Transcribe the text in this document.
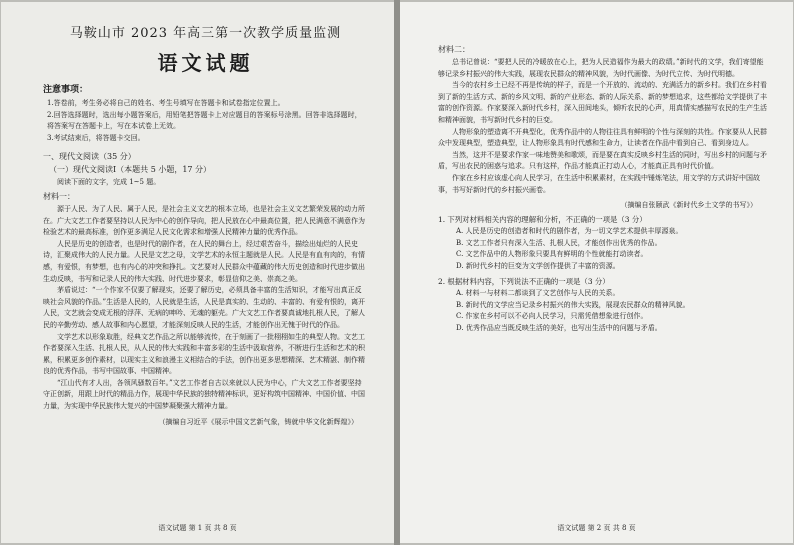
马鞍山市 2023 年高三第一次教学质量监测
语文试题
注意事项：

1.答卷前，考生务必将自己的姓名、考生号填写在答题卡和试卷指定位置上。

2.回答选择题时，选出每小题答案后，用铅笔把答题卡上对应题目的答案标号涂黑。回答非选择题时，将答案写在答题卡上，写在本试卷上无效。

3.考试结束后，将答题卡交回。

一、现代文阅读（35 分）
（一）现代文阅读Ⅰ（本题共 5 小题，17 分）

阅读下面的文字，完成 1~5 题。

材料一：

源于人民、为了人民、属于人民，是社会主义文艺的根本立场，也是社会主义文艺繁荣发展的动力所在。广大文艺工作者要坚持以人民为中心的创作导向，把人民放在心中最高位置，把人民满意不满意作为检验艺术的最高标准，创作更多满足人民文化需求和增强人民精神力量的优秀作品。

人民是历史的创造者，也是时代的剧作者，在人民的舞台上，经过艰苦奋斗，描绘出灿烂的人民史诗，汇聚成伟大的人民力量。人民是文艺之母，文学艺术的永恒主题就是人民。人民是有血有肉的，有情感，有爱恨，有梦想，也有内心的冲突和挣扎。文艺要对人民群众中蕴藏的伟大历史创造和时代进步做出生动反映，书写和记录人民的伟大实践、时代进步要求，彰显信仰之美、崇高之美。

茅盾说过：“一个作家不仅要了解现实，还要了解历史，必须具备丰富的生活知识，才能写出真正反映社会风貌的作品。”生活是人民的，人民就是生活，人民是真实的、生动的、丰富的、有爱有恨的，离开人民，文艺就会变成无根的浮萍、无病的呻吟、无魂的躯壳。广大文艺工作者要真诚地扎根人民，了解人民的辛勤劳动、感人故事和内心愿望，才能深刻反映人民的生活，才能创作出无愧于时代的作品。

文学艺术以形象取胜，经典文艺作品之所以能够流传，在于刻画了一批栩栩如生的典型人物。文艺工作者要深入生活、扎根人民，从人民的伟大实践和丰富多彩的生活中汲取营养，不断进行生活和艺术的积累，积累更多创作素材，以现实主义和浪漫主义相结合的手法，创作出更多思想精深、艺术精湛、制作精良的优秀作品，书写中国故事、中国精神。

“江山代有才人出，各领风骚数百年。”文艺工作者自古以来就以人民为中心，广大文艺工作者要坚持守正创新，用跟上时代的精品力作，展现中华民族的独特精神标识，更好构筑中国精神、中国价值、中国力量，为实现中华民族伟大复兴的中国梦凝聚强大精神力量。

（摘编自习近平《展示中国文艺新气象，铸就中华文化新辉煌》）
语文试题 第 1 页 共 8 页
材料二：

总书记曾说：“要把人民的冷暖放在心上，把为人民造福作为最大的政绩。”新时代的文学，我们寄望能够记录乡村振兴的伟大实践，展现农民群众的精神风貌，为时代画像、为时代立传、为时代明德。

当今的农村乡土已经不再是传统的样子，而是一个开放的、流动的、充满活力的新乡村。我们在乡村看到了新的生活方式、新的乡风文明、新的产业形态、新的人际关系、新的梦想追求，这些都给文学提供了丰富的创作资源。作家要深入新时代乡村，深入田间地头，倾听农民的心声，用真情实感描写农民的生产生活和精神面貌，书写新时代乡村的巨变。

人物形象的塑造离不开典型化，优秀作品中的人物往往具有鲜明的个性与深刻的共性。作家要从人民群众中发现典型，塑造典型，让人物形象具有时代感和生命力，让读者在作品中看到自己、看到身边人。

当然，这并不是要求作家一味地赞美和歌颂，而是要在真实反映乡村生活的同时，写出乡村的问题与矛盾，写出农民的困惑与追求。只有这样，作品才能真正打动人心，才能真正具有时代价值。

作家在乡村应该虚心向人民学习，在生活中积累素材，在实践中锤炼笔法，用文学的方式讲好中国故事，书写好新时代的乡村振兴画卷。

（摘编自张颐武《新时代乡土文学的书写》）
1. 下列对材料相关内容的理解和分析，不正确的一项是（3 分）

A. 人民是历史的创造者和时代的剧作者，为一切文学艺术提供丰厚源泉。

B. 文艺工作者只有深入生活、扎根人民，才能创作出优秀的作品。

C. 文艺作品中的人物形象只要具有鲜明的个性就能打动读者。

D. 新时代乡村的巨变为文学创作提供了丰富的资源。

2. 根据材料内容，下列说法不正确的一项是（3 分）

A. 材料一与材料二都谈到了文艺创作与人民的关系。

B. 新时代的文学应当记录乡村振兴的伟大实践，展现农民群众的精神风貌。

C. 作家在乡村可以不必向人民学习，只需凭借想象进行创作。

D. 优秀作品应当既反映生活的美好，也写出生活中的问题与矛盾。

语文试题 第 2 页 共 8 页
